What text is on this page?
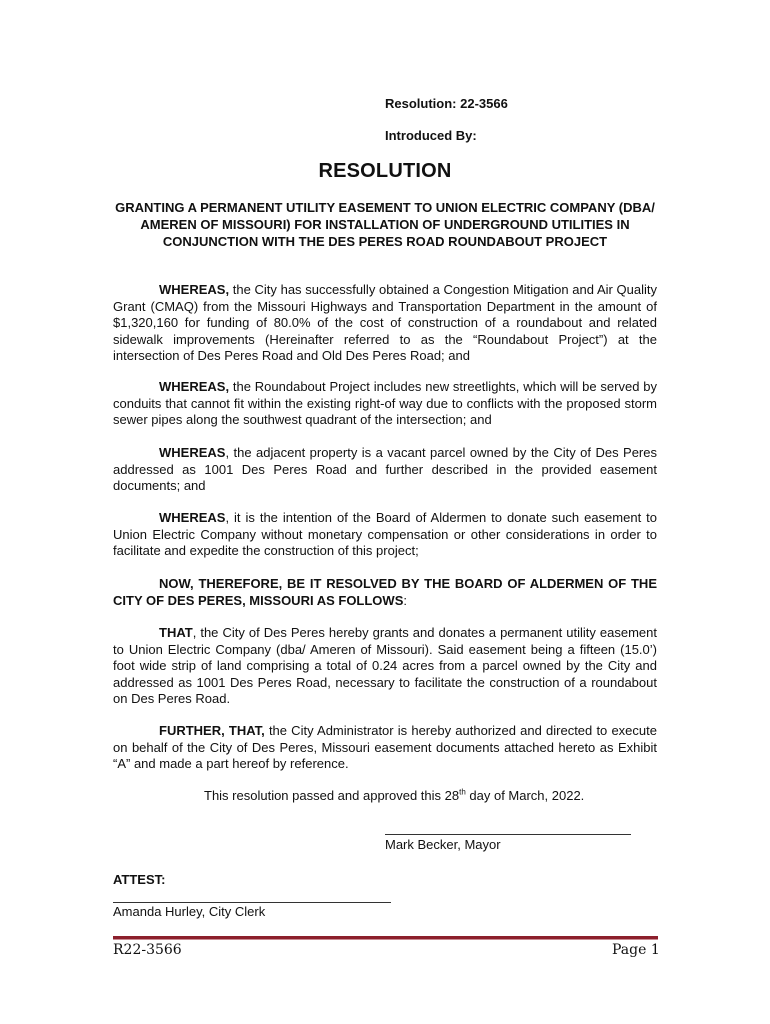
Resolution: 22-3566
Introduced By:
RESOLUTION
GRANTING A PERMANENT UTILITY EASEMENT TO UNION ELECTRIC COMPANY (DBA/ AMEREN OF MISSOURI) FOR INSTALLATION OF UNDERGROUND UTILITIES IN CONJUNCTION WITH THE DES PERES ROAD ROUNDABOUT PROJECT

WHEREAS, the City has successfully obtained a Congestion Mitigation and Air Quality Grant (CMAQ) from the Missouri Highways and Transportation Department in the amount of $1,320,160 for funding of 80.0% of the cost of construction of a roundabout and related sidewalk improvements (Hereinafter referred to as the “Roundabout Project”) at the intersection of Des Peres Road and Old Des Peres Road; and

WHEREAS, the Roundabout Project includes new streetlights, which will be served by conduits that cannot fit within the existing right-of way due to conflicts with the proposed storm sewer pipes along the southwest quadrant of the intersection; and

WHEREAS, the adjacent property is a vacant parcel owned by the City of Des Peres addressed as 1001 Des Peres Road and further described in the provided easement documents; and

WHEREAS, it is the intention of the Board of Aldermen to donate such easement to Union Electric Company without monetary compensation or other considerations in order to facilitate and expedite the construction of this project;

NOW, THEREFORE, BE IT RESOLVED BY THE BOARD OF ALDERMEN OF THE CITY OF DES PERES, MISSOURI AS FOLLOWS:

THAT, the City of Des Peres hereby grants and donates a permanent utility easement to Union Electric Company (dba/ Ameren of Missouri). Said easement being a fifteen (15.0’) foot wide strip of land comprising a total of 0.24 acres from a parcel owned by the City and addressed as 1001 Des Peres Road, necessary to facilitate the construction of a roundabout on Des Peres Road.

FURTHER, THAT, the City Administrator is hereby authorized and directed to execute on behalf of the City of Des Peres, Missouri easement documents attached hereto as Exhibit “A” and made a part hereof by reference.

This resolution passed and approved this 28th day of March, 2022.
Mark Becker, Mayor
ATTEST:
Amanda Hurley, City Clerk
R22-3566	Page 1
